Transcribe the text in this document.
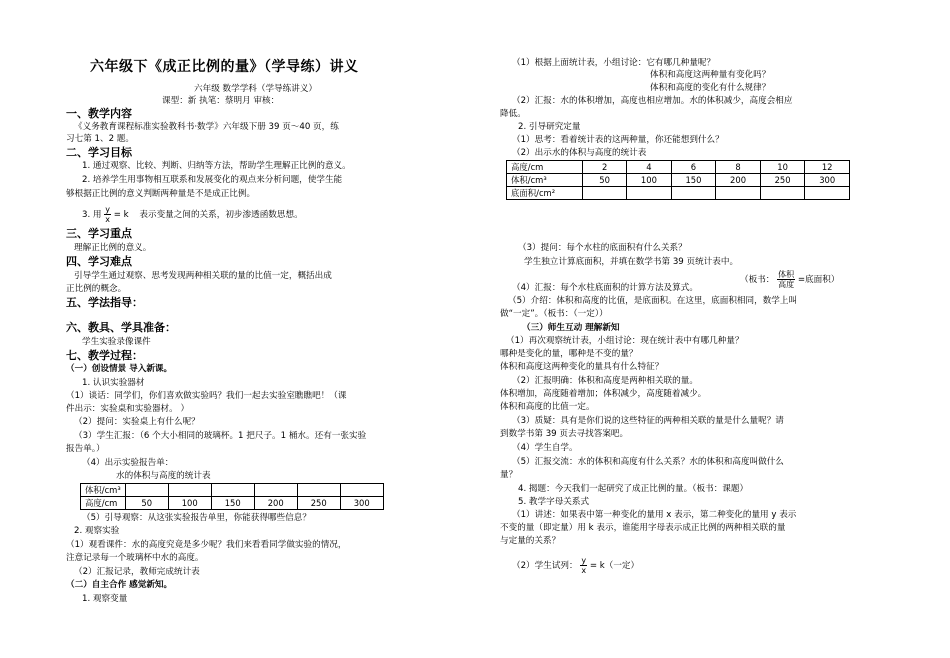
六年级下《成正比例的量》（学导练）讲义
六年级 数学学科（学导练讲义）
课型：新 执笔：蔡明月 审核：
一、教学内容
《义务教育课程标准实验教科书·数学》六年级下册 39 页～40 页，练
习七第 1、2 题。
二、学习目标
1. 通过观察、比较、判断、归纳等方法，帮助学生理解正比例的意义。
2. 培养学生用事物相互联系和发展变化的观点来分析问题，使学生能
够根据正比例的意义判断两种量是不是成正比例。
3. 用 $\frac{y}{x} = k$ 表示变量之间的关系，初步渗透函数思想。
三、学习重点
理解正比例的意义。
四、学习难点
引导学生通过观察、思考发现两种相关联的量的比值一定，概括出成
正比例的概念。
五、学法指导：
六、教具、学具准备：
学生实验录像课件
七、教学过程：
（一）创设情景 导入新课。
1. 认识实验器材
（1）谈话：同学们，你们喜欢做实验吗？我们一起去实验室瞧瞧吧！（课
件出示：实验桌和实验器材。 ）
（2）提问：实验桌上有什么呢？
（3）学生汇报：（6 个大小相同的玻璃杯。1 把尺子。1 桶水。还有一张实验
报告单。）
（4）出示实验报告单：
水的体积与高度的统计表
体积/cm³						
高度/cm	50	100	150	200	250	300
（5）引导观察：从这张实验报告单里，你能获得哪些信息？
2. 观察实验
（1）观看课件：水的高度究竟是多少呢？我们来看看同学做实验的情况，
注意记录每一个玻璃杯中水的高度。
（2）汇报记录，教师完成统计表
（二）自主合作 感觉新知。
1. 观察变量
（1）根据上面统计表，小组讨论：它有哪几种量呢？
体积和高度这两种量有变化吗？
体积和高度的变化有什么规律？
（2）汇报：水的体积增加，高度也相应增加。水的体积减少，高度会相应
降低。
2. 引导研究定量
（1）思考：看着统计表的这两种量，你还能想到什么？
（2）出示水的体积与高度的统计表
高度/cm	2	4	6	8	10	12
体积/cm³	50	100	150	200	250	300
底面积/cm²						
（3）提问：每个水柱的底面积有什么关系？
学生独立计算底面积，并填在数学书第 39 页统计表中。
（4）汇报：每个水柱底面积的计算方法及算式。
（板书： $\frac{\text{体积}}{\text{高度}}$ =底面积）
（5）介绍：体积和高度的比值，是底面积。在这里，底面积相同，数学上叫
做“一定”。（板书：（一定））
（三）师生互动 理解新知
（1）再次观察统计表，小组讨论：现在统计表中有哪几种量？
哪种是变化的量，哪种是不变的量？
体积和高度这两种变化的量具有什么特征？
（2）汇报明确：体积和高度是两种相关联的量。
体积增加，高度随着增加；体积减少，高度随着减少。
体积和高度的比值一定。
（3）质疑：具有是你们说的这些特征的两种相关联的量是什么量呢？请
到数学书第 39 页去寻找答案吧。
（4）学生自学。
（5）汇报交流：水的体积和高度有什么关系？水的体积和高度叫做什么
量？
4. 揭题：今天我们一起研究了成正比例的量。（板书：课题）
5. 教学字母关系式
（1）讲述：如果表中第一种变化的量用 x 表示，第二种变化的量用 y 表示
不变的量（即定量）用 k 表示，谁能用字母表示成正比例的两种相关联的量
与定量的关系？
（2）学生试列： $\frac{y}{x} = k$（一定）
